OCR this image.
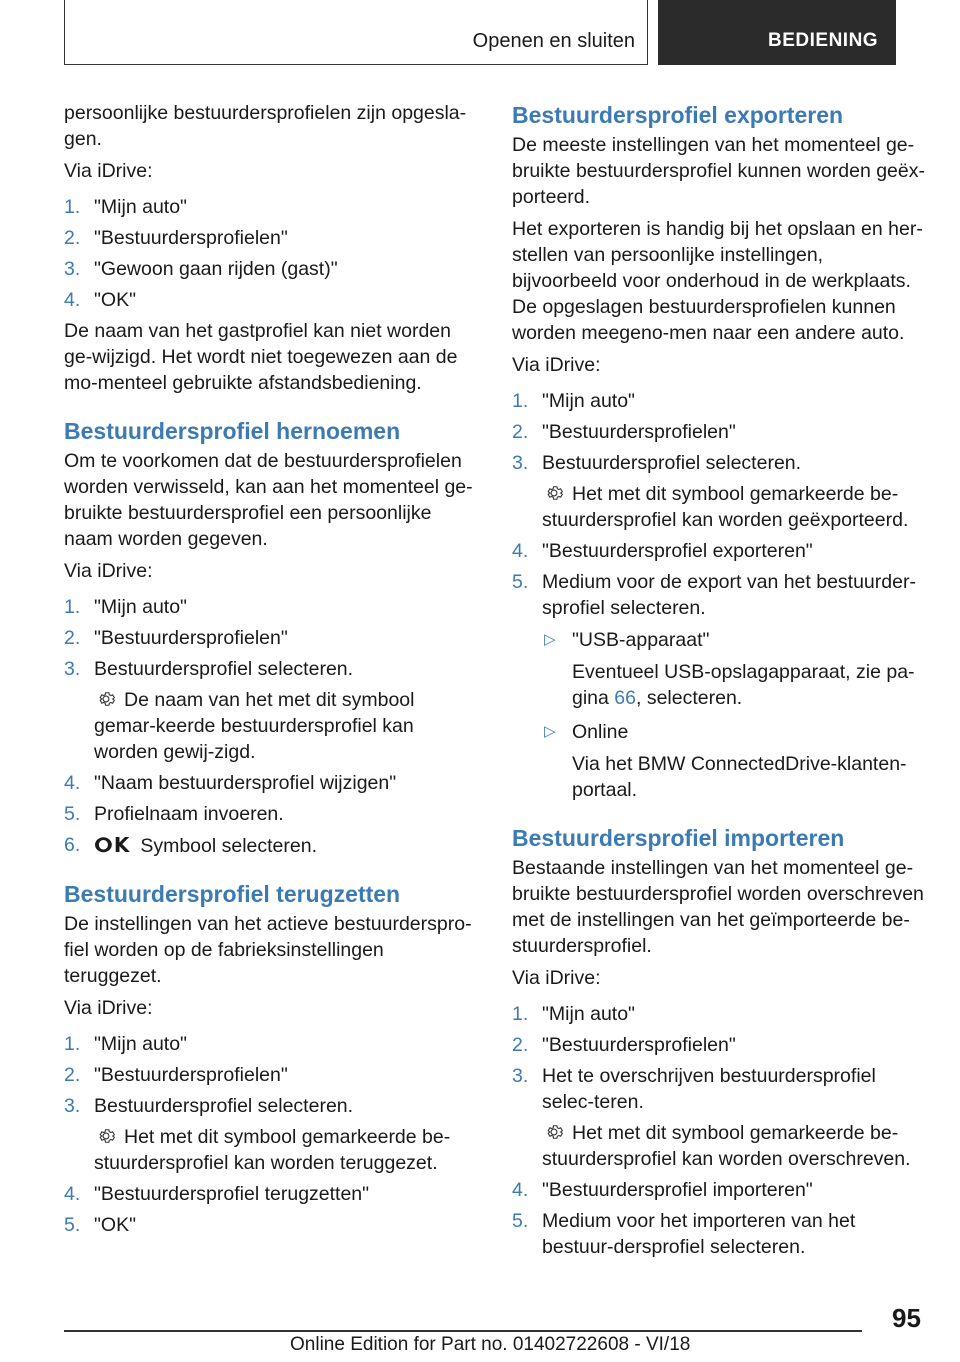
Openen en sluiten	BEDIENING

persoonlijke bestuurdersprofielen zijn opgesla-gen.

Via iDrive:

1. "Mijn auto"
2. "Bestuurdersprofielen"
3. "Gewoon gaan rijden (gast)"
4. "OK"

De naam van het gastprofiel kan niet worden ge-wijzigd. Het wordt niet toegewezen aan de mo-menteel gebruikte afstandsbediening.

Bestuurdersprofiel hernoemen

Om te voorkomen dat de bestuurdersprofielen worden verwisseld, kan aan het momenteel ge-bruikte bestuurdersprofiel een persoonlijke naam worden gegeven.

Via iDrive:

1. "Mijn auto"
2. "Bestuurdersprofielen"
3. Bestuurdersprofiel selecteren.
De naam van het met dit symbool gemar-keerde bestuurdersprofiel kan worden gewij-zigd.
4. "Naam bestuurdersprofiel wijzigen"
5. Profielnaam invoeren.
6. ⵔK Symbool selecteren.
Bestuurdersprofiel terugzetten

De instellingen van het actieve bestuurderspro-fiel worden op de fabrieksinstellingen teruggezet.

Via iDrive:

1. "Mijn auto"
2. "Bestuurdersprofielen"
3. Bestuurdersprofiel selecteren.
Het met dit symbool gemarkeerde be-stuurdersprofiel kan worden teruggezet.
4. "Bestuurdersprofiel terugzetten"
5. "OK"
Bestuurdersprofiel exporteren

De meeste instellingen van het momenteel ge-bruikte bestuurdersprofiel kunnen worden geëx-porteerd.

Het exporteren is handig bij het opslaan en her-stellen van persoonlijke instellingen, bijvoorbeeld voor onderhoud in de werkplaats. De opgeslagen bestuurdersprofielen kunnen worden meegeno-men naar een andere auto.

Via iDrive:

1. "Mijn auto"
2. "Bestuurdersprofielen"
3. Bestuurdersprofiel selecteren.
Het met dit symbool gemarkeerde be-stuurdersprofiel kan worden geëxporteerd.
4. "Bestuurdersprofiel exporteren"
5. Medium voor de export van het bestuurder-sprofiel selecteren.
▷ "USB-apparaat"
Eventueel USB-opslagapparaat, zie pa-gina 66, selecteren.
▷ Online
Via het BMW ConnectedDrive-klanten-portaal.
Bestuurdersprofiel importeren

Bestaande instellingen van het momenteel ge-bruikte bestuurdersprofiel worden overschreven met de instellingen van het geïmporteerde be-stuurdersprofiel.

Via iDrive:

1. "Mijn auto"
2. "Bestuurdersprofielen"
3. Het te overschrijven bestuurdersprofiel selec-teren.
Het met dit symbool gemarkeerde be-stuurdersprofiel kan worden overschreven.
4. "Bestuurdersprofiel importeren"
5. Medium voor het importeren van het bestuur-dersprofiel selecteren.
95
Online Edition for Part no. 01402722608 - VI/18
